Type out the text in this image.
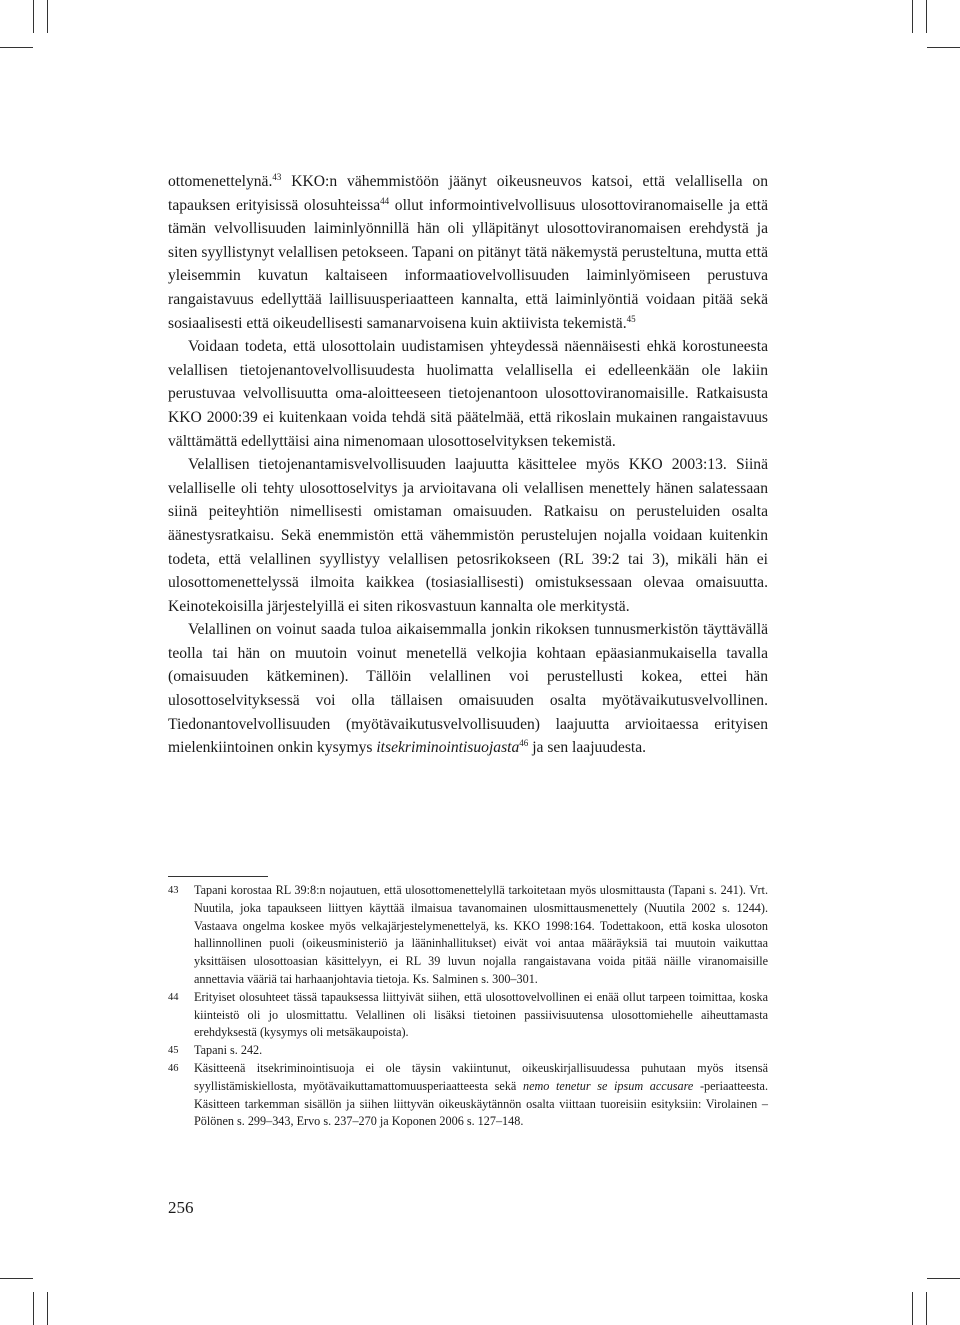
ottomenettelynä.$^{43}$ KKO:n vähemmistöön jäänyt oikeusneuvos katsoi, että velallisella on tapauksen erityisissä olosuhteissa$^{44}$ ollut informointivelvollisuus ulosottoviranomaiselle ja että tämän velvollisuuden laiminlyönnillä hän oli ylläpitänyt ulosottoviranomaisen erehdystä ja siten syyllistynyt velallisen petokseen. Tapani on pitänyt tätä näkemystä perusteltuna, mutta että yleisemmin kuvatun kaltaiseen informaatiovelvollisuuden laiminlyömiseen perustuva rangaistavuus edellyttää laillisuusperiaatteen kannalta, että laiminlyöntiä voidaan pitää sekä sosiaalisesti että oikeudellisesti samanarvoisena kuin aktiivista tekemistä.$^{45}$

Voidaan todeta, että ulosottolain uudistamisen yhteydessä näennäisesti ehkä korostuneesta velallisen tietojenantovelvollisuudesta huolimatta velallisella ei edelleenkään ole lakiin perustuvaa velvollisuutta oma-aloitteeseen tietojenantoon ulosottoviranomaisille. Ratkaisusta KKO 2000:39 ei kuitenkaan voida tehdä sitä päätelmää, että rikoslain mukainen rangaistavuus välttämättä edellyttäisi aina nimenomaan ulosottoselvityksen tekemistä.

Velallisen tietojenantamisvelvollisuuden laajuutta käsittelee myös KKO 2003:13. Siinä velalliselle oli tehty ulosottoselvitys ja arvioitavana oli velallisen menettely hänen salatessaan siinä peiteyhtiön nimellisesti omistaman omaisuuden. Ratkaisu on perusteluiden osalta äänestysratkaisu. Sekä enemmistön että vähemmistön perustelujen nojalla voidaan kuitenkin todeta, että velallinen syyllistyy velallisen petosrikokseen (RL 39:2 tai 3), mikäli hän ei ulosottomenettelyssä ilmoita kaikkea (tosiasiallisesti) omistuksessaan olevaa omaisuutta. Keinotekoisilla järjestelyillä ei siten rikosvastuun kannalta ole merkitystä.

Velallinen on voinut saada tuloa aikaisemmalla jonkin rikoksen tunnusmerkistön täyttävällä teolla tai hän on muutoin voinut menetellä velkojia kohtaan epäasianmukaisella tavalla (omaisuuden kätkeminen). Tällöin velallinen voi perustellusti kokea, ettei hän ulosottoselvityksessä voi olla tällaisen omaisuuden osalta myötävaikutusvelvollinen. Tiedonantovelvollisuuden (myötävaikutusvelvollisuuden) laajuutta arvioitaessa erityisen mielenkiintoinen onkin kysymys itsekriminointisuojasta$^{46}$ ja sen laajuudesta.

43	Tapani korostaa RL 39:8:n nojautuen, että ulosottomenettelyllä tarkoitetaan myös ulosmittausta (Tapani s. 241). Vrt. Nuutila, joka tapaukseen liittyen käyttää ilmaisua tavanomainen ulosmittausmenettely (Nuutila 2002 s. 1244). Vastaava ongelma koskee myös velkajärjestelymenettelyä, ks. KKO 1998:164. Todettakoon, että koska ulosoton hallinnollinen puoli (oikeusministeriö ja lääninhallitukset) eivät voi antaa määräyksiä tai muutoin vaikuttaa yksittäisen ulosottoasian käsittelyyn, ei RL 39 luvun nojalla rangaistavana voida pitää näille viranomaisille annettavia vääriä tai harhaanjohtavia tietoja. Ks. Salminen s. 300–301.
44	Erityiset olosuhteet tässä tapauksessa liittyivät siihen, että ulosottovelvollinen ei enää ollut tarpeen toimittaa, koska kiinteistö oli jo ulosmittattu. Velallinen oli lisäksi tietoinen passiivisuutensa ulosottomiehelle aiheuttamasta erehdyksestä (kysymys oli metsäkaupoista).
45	Tapani s. 242.
46	Käsitteenä itsekriminointisuoja ei ole täysin vakiintunut, oikeuskirjallisuudessa puhutaan myös itsensä syyllistämiskiellosta, myötävaikuttamattomuusperiaatteesta sekä nemo tenetur se ipsum accusare -periaatteesta. Käsitteen tarkemman sisällön ja siihen liittyvän oikeuskäytännön osalta viittaan tuoreisiin esityksiin: Virolainen – Pölönen s. 299–343, Ervo s. 237–270 ja Koponen 2006 s. 127–148.
256
